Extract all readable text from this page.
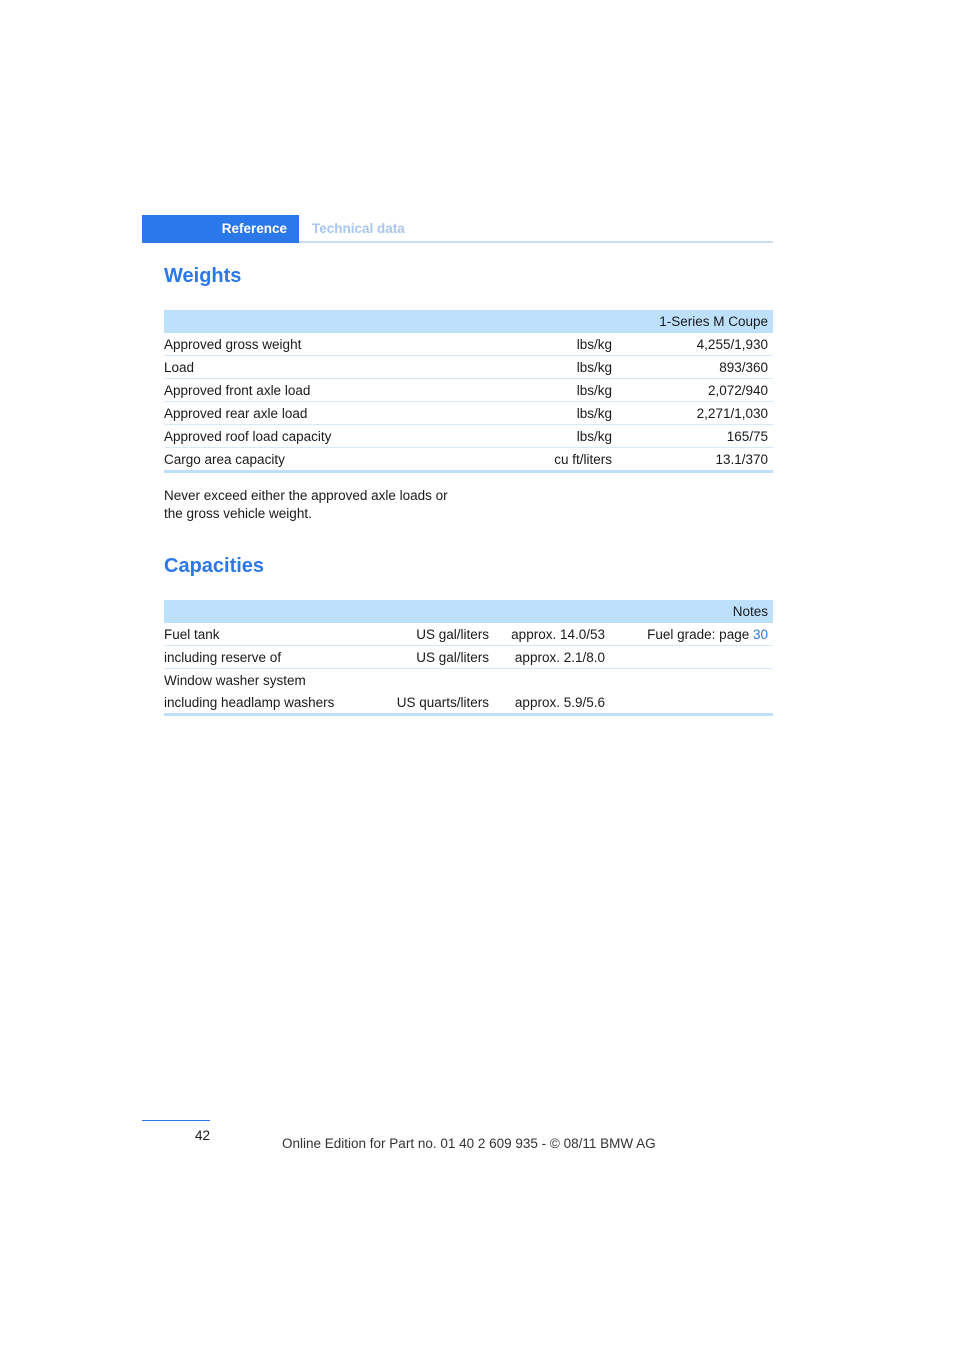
Reference	Technical data
Weights
		1-Series M Coupe
Approved gross weight	lbs/kg	4,255/1,930
Load	lbs/kg	893/360
Approved front axle load	lbs/kg	2,072/940
Approved rear axle load	lbs/kg	2,271/1,030
Approved roof load capacity	lbs/kg	165/75
Cargo area capacity	cu ft/liters	13.1/370

Never exceed either the approved axle loads or
the gross vehicle weight.

Capacities
			Notes
Fuel tank	US gal/liters	approx. 14.0/53	Fuel grade: page 30
including reserve of	US gal/liters	approx. 2.1/8.0	
Window washer system			
including headlamp washers	US quarts/liters	approx. 5.9/5.6	
42
Online Edition for Part no. 01 40 2 609 935 - © 08/11 BMW AG
